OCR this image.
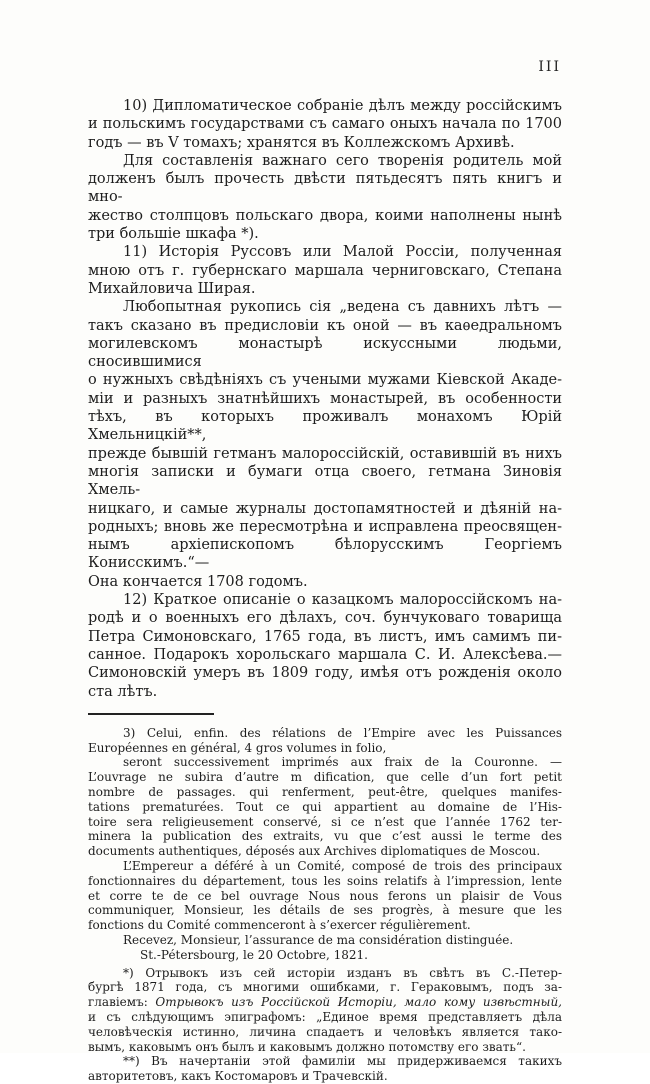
III
10) Дипломатическое собраніе дѣлъ между россійскимъ
и польскимъ государствами съ самаго оныхъ начала по 1700
годъ — въ V томахъ; хранятся въ Коллежскомъ Архивѣ.
Для составленія важнаго сего творенія родитель мой
долженъ былъ прочесть двѣсти пятьдесятъ пять книгъ и мно-
жество столпцовъ польскаго двора, коими наполнены нынѣ
три большіе шкафа *).
11) Исторія Руссовъ или Малой Россіи, полученная
мною отъ г. губернскаго маршала черниговскаго, Степана
Михайловича Ширая.
Любопытная рукопись сія „ведена съ давнихъ лѣтъ —
такъ сказано въ предисловіи къ оной — въ каѳедральномъ
могилевскомъ монастырѣ искуссными людьми, сносившимися
о нужныхъ свѣдѣніяхъ съ учеными мужами Кіевской Акаде-
міи и разныхъ знатнѣйшихъ монастырей, въ особенности
тѣхъ, въ которыхъ проживалъ монахомъ Юрій Хмельницкій**,
прежде бывшій гетманъ малороссійскій, оставившій въ нихъ
многія записки и бумаги отца своего, гетмана Зиновія Хмель-
ницкаго, и самые журналы достопамятностей и дѣяній на-
родныхъ; вновь же пересмотрѣна и исправлена преосвящен-
нымъ архіепископомъ бѣлорусскимъ Георгіемъ Конисскимъ.“—
Она кончается 1708 годомъ.
12) Краткое описаніе о казацкомъ малороссійскомъ на-
родѣ и о военныхъ его дѣлахъ, соч. бунчуковаго товарища
Петра Симоновскаго, 1765 года, въ листъ, имъ самимъ пи-
санное. Подарокъ хорольскаго маршала С. И. Алексѣева.—
Симоновскій умеръ въ 1809 году, имѣя отъ рожденія около
ста лѣтъ.
3) Celui, enfin. des rélations de l’Empire avec les Puissances
Européennes en général, 4 gros volumes in folio,
seront successivement imprimés aux fraix de la Couronne. —
L’ouvrage ne subira d’autre m dification, que celle d’un fort petit
nombre de passages. qui renferment, peut-être, quelques manifes-
tations prematurées. Tout ce qui appartient au domaine de l’His-
toire sera religieusement conservé, si ce n’est que l’année 1762 ter-
minera la publication des extraits, vu que c’est aussi le terme des
documents authentiques, déposés aux Archives diplomatiques de Moscou.
L’Empereur a déféré à un Comité, composé de trois des principaux
fonctionnaires du département, tous les soins relatifs à l’impression, lente
et corre te de ce bel ouvrage Nous nous ferons un plaisir de Vous
communiquer, Monsieur, les détails de ses progrès, à mesure que les
fonctions du Comité commenceront à s’exercer régulièrement.
Recevez, Monsieur, l’assurance de ma considération distinguée.
St.-Pétersbourg, le 20 Octobre, 1821.
*) Отрывокъ изъ сей исторіи изданъ въ свѣтъ въ С.-Петер-
бургѣ 1871 года, съ многими ошибками, г. Гераковымъ, подъ за-
главіемъ: Отрывокъ изъ Россійской Исторіи, мало кому извѣстный,
и съ слѣдующимъ эпиграфомъ: „Единое время представляетъ дѣла
человѣческія истинно, личина спадаетъ и человѣкъ является тако-
вымъ, каковымъ онъ былъ и каковымъ должно потомству его звать“.
**) Въ начертаніи этой фамиліи мы придерживаемся такихъ
авторитетовъ, какъ Костомаровъ и Трачевскій.
